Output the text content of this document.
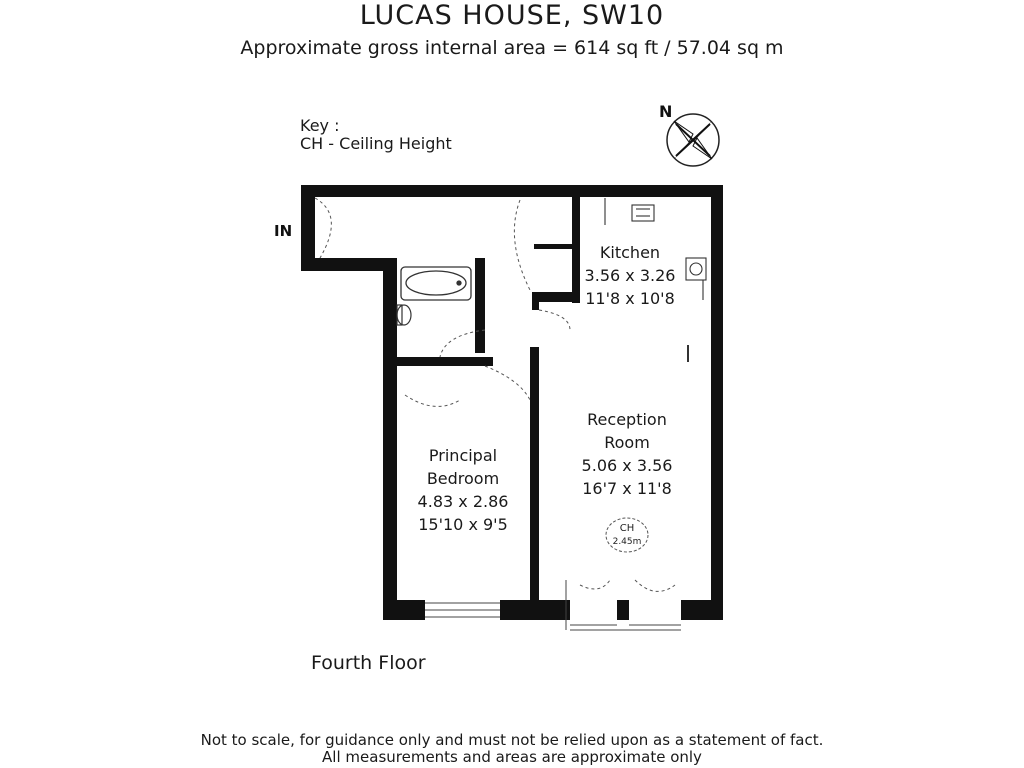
LUCAS HOUSE, SW10
Approximate gross internal area = 614 sq ft / 57.04 sq m
Key :
CH - Ceiling Height
N
IN
CH
2.45m
Kitchen
3.56 x 3.26
11'8 x 10'8
Reception
Room
5.06 x 3.56
16'7 x 11'8
Principal
Bedroom
4.83 x 2.86
15'10 x 9'5
Fourth Floor
Not to scale, for guidance only and must not be relied upon as a statement of fact.
All measurements and areas are approximate only
